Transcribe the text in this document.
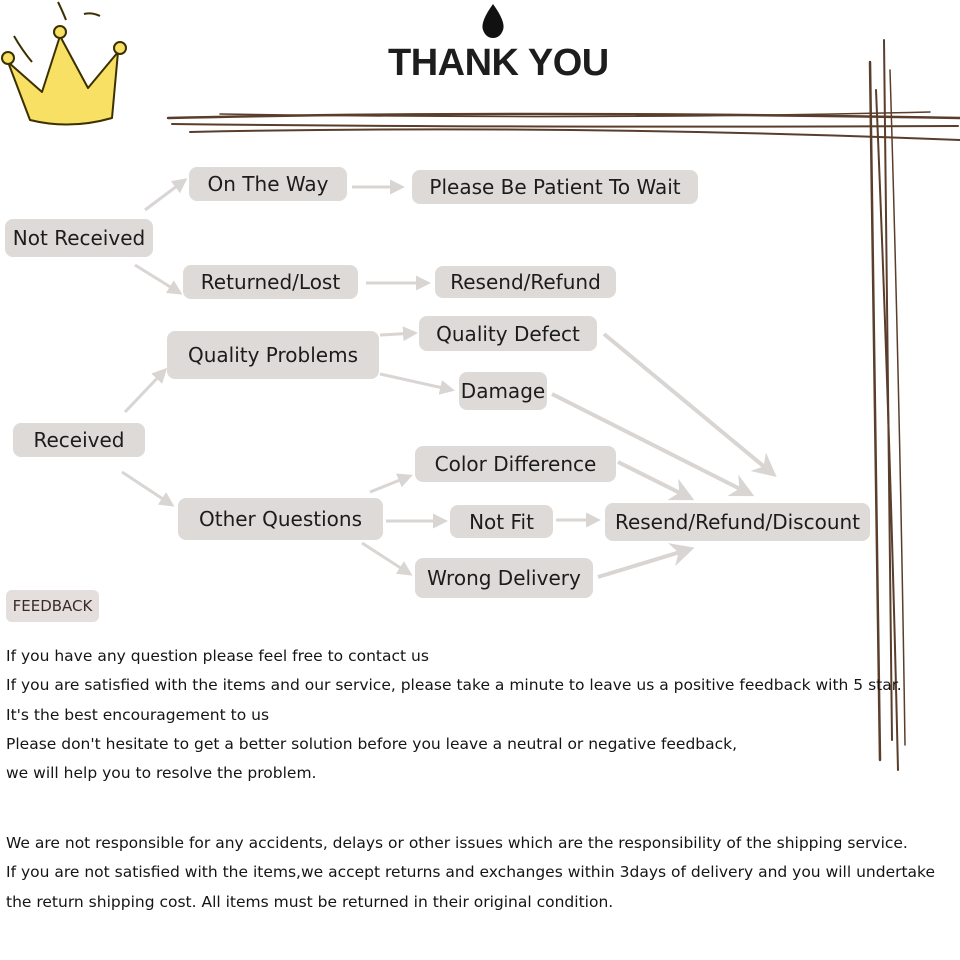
THANK YOU
Not Received
On The Way	Please Be Patient To Wait
Returned/Lost	Resend/Refund
Received
Quality Problems
Quality Defect
Damage
Other Questions
Color Difference
Not Fit
Wrong Delivery
Resend/Refund/Discount
FEEDBACK
If you have any question please feel free to contact us
If you are satisfied with the items and our service, please take a minute to leave us a positive feedback with 5 star.
It's the best encouragement to us
Please don't hesitate to get a better solution before you leave a neutral or negative feedback,
we will help you to resolve the problem.
We are not responsible for any accidents, delays or other issues which are the responsibility of the shipping service.
If you are not satisfied with the items,we accept returns and exchanges within 3days of delivery and you will undertake
the return shipping cost. All items must be returned in their original condition.
